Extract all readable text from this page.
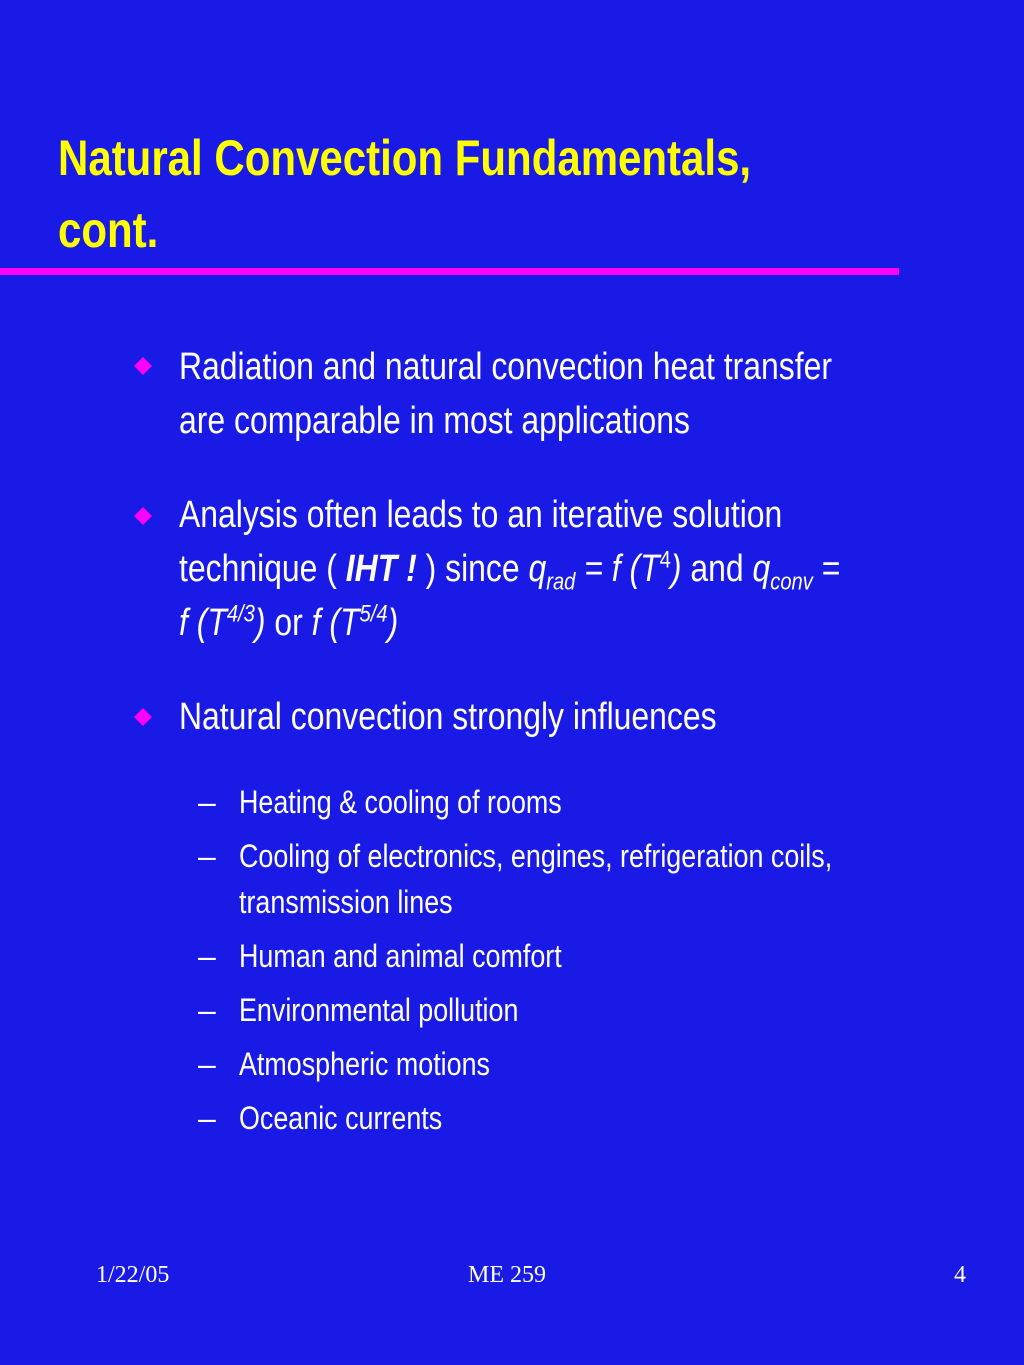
Natural Convection Fundamentals,
cont.
Radiation and natural convection heat transfer
are comparable in most applications
Analysis often leads to an iterative solution
technique ( IHT ! ) since $q_{rad} = f$ $(T^4)$ and $q_{conv}$ =
f $(T^{4/3})$ or f $(T^{5/4})$
Natural convection strongly influences
– Heating & cooling of rooms
– Cooling of electronics, engines, refrigeration coils,
transmission lines
– Human and animal comfort
– Environmental pollution
– Atmospheric motions
– Oceanic currents
1/22/05	ME 259	4
